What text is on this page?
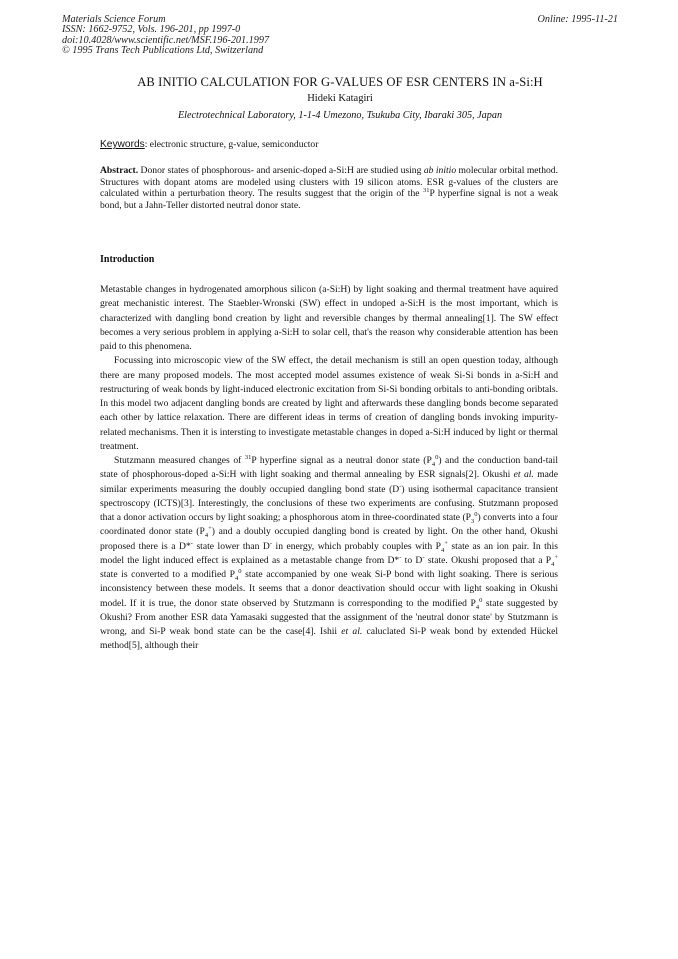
Materials Science Forum
ISSN: 1662-9752, Vols. 196-201, pp 1997-0
doi:10.4028/www.scientific.net/MSF.196-201.1997
© 1995 Trans Tech Publications Ltd, Switzerland
Online: 1995-11-21
AB INITIO CALCULATION FOR G-VALUES OF ESR CENTERS IN a-Si:H
Hideki Katagiri
Electrotechnical Laboratory, 1-1-4 Umezono, Tsukuba City, Ibaraki 305, Japan
Keywords: electronic structure, g-value, semiconductor
Abstract. Donor states of phosphorous- and arsenic-doped a-Si:H are studied using ab initio molecular orbital method. Structures with dopant atoms are modeled using clusters with 19 silicon atoms. ESR g-values of the clusters are calculated within a perturbation theory. The results suggest that the origin of the $^{31}$P hyperfine signal is not a weak bond, but a Jahn-Teller distorted neutral donor state.
Introduction

Metastable changes in hydrogenated amorphous silicon (a-Si:H) by light soaking and thermal treatment have aquired great mechanistic interest. The Staebler-Wronski (SW) effect in undoped a-Si:H is the most important, which is characterized with dangling bond creation by light and reversible changes by thermal annealing[1]. The SW effect becomes a very serious problem in applying a-Si:H to solar cell, that's the reason why considerable attention has been paid to this phenomena.

Focussing into microscopic view of the SW effect, the detail mechanism is still an open question today, although there are many proposed models. The most accepted model assumes existence of weak Si-Si bonds in a-Si:H and restructuring of weak bonds by light-induced electronic excitation from Si-Si bonding orbitals to anti-bonding oribtals. In this model two adjacent dangling bonds are created by light and afterwards these dangling bonds become separated each other by lattice relaxation. There are different ideas in terms of creation of dangling bonds invoking impurity-related mechanisms. Then it is intersting to investigate metastable changes in doped a-Si:H induced by light or thermal treatment.

Stutzmann measured changes of $^{31}$P hyperfine signal as a neutral donor state $(P_4^0)$ and the conduction band-tail state of phosphorous-doped a-Si:H with light soaking and thermal annealing by ESR signals[2]. Okushi et al. made similar experiments measuring the doubly occupied dangling bond state (D-) using isothermal capacitance transient spectroscopy (ICTS)[3]. Interestingly, the conclusions of these two experiments are confusing. Stutzmann proposed that a donor activation occurs by light soaking; a phosphorous atom in three-coordinated state $(P_3^0)$ converts into a four coordinated donor state $(P_4^+)$ and a doubly occupied dangling bond is created by light. On the other hand, Okushi proposed there is a D*- state lower than D- in energy, which probably couples with $P_4^+$ state as an ion pair. In this model the light induced effect is explained as a metastable change from D*- to D- state. Okushi proposed that a $P_4^+$ state is converted to a modified $P_4^0$ state accompanied by one weak Si-P bond with light soaking. There is serious inconsistency between these models. It seems that a donor deactivation should occur with light soaking in Okushi model. If it is true, the donor state observed by Stutzmann is corresponding to the modified $P_4^0$ state suggested by Okushi? From another ESR data Yamasaki suggested that the assignment of the 'neutral donor state' by Stutzmann is wrong, and Si-P weak bond state can be the case[4]. Ishii et al. caluclated Si-P weak bond by extended Hückel method[5], although their
